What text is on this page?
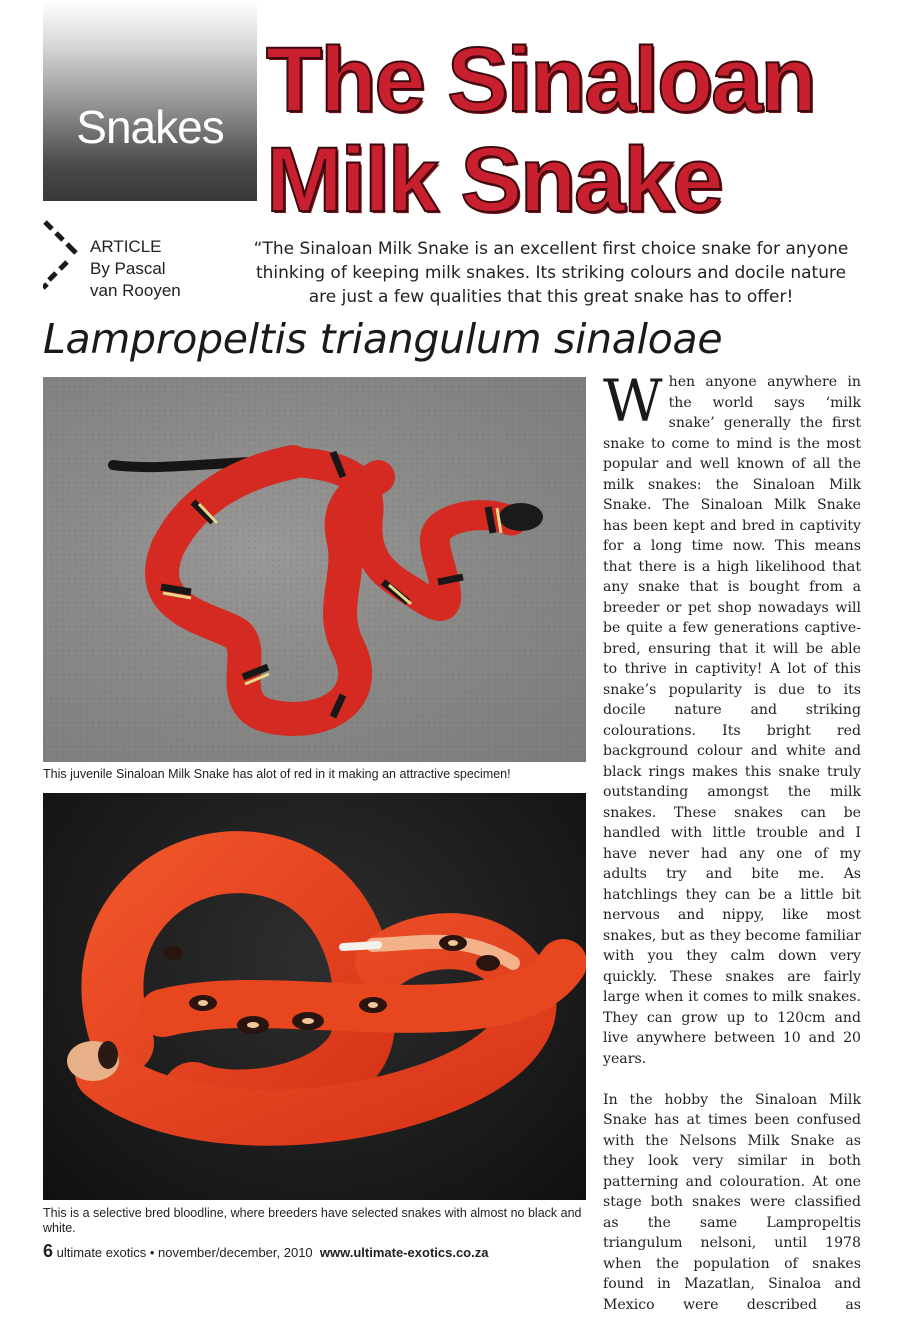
Snakes The Sinaloan
Milk Snake
ARTICLE
By Pascal
van Rooyen
“The Sinaloan Milk Snake is an excellent first choice snake for anyone thinking of keeping milk snakes. Its striking colours and docile nature are just a few qualities that this great snake has to offer!
Lampropeltis triangulum sinaloae
This juvenile Sinaloan Milk Snake has alot of red in it making an attractive specimen!
This is a selective bred bloodline, where breeders have selected snakes with almost no black and white.

When anyone anywhere in the world says ‘milk snake’ generally the first snake to come to mind is the most popular and well known of all the milk snakes: the Sinaloan Milk Snake. The Sinaloan Milk Snake has been kept and bred in captivity for a long time now. This means that there is a high likelihood that any snake that is bought from a breeder or pet shop nowadays will be quite a few generations captive-bred, ensuring that it will be able to thrive in captivity! A lot of this snake’s popularity is due to its docile nature and striking colourations. Its bright red background colour and white and black rings makes this snake truly outstanding amongst the milk snakes. These snakes can be handled with little trouble and I have never had any one of my adults try and bite me. As hatchlings they can be a little bit nervous and nippy, like most snakes, but as they become familiar with you they calm down very quickly. These snakes are fairly large when it comes to milk snakes. They can grow up to 120cm and live anywhere between 10 and 20 years.

In the hobby the Sinaloan Milk Snake has at times been confused with the Nelsons Milk Snake as they look very similar in both patterning and colouration. At one stage both snakes were classified as the same Lampropeltis triangulum nelsoni, until 1978 when the population of snakes found in Mazatlan, Sinaloa and Mexico were described as

6 ultimate exotics • november/december, 2010 www.ultimate-exotics.co.za
